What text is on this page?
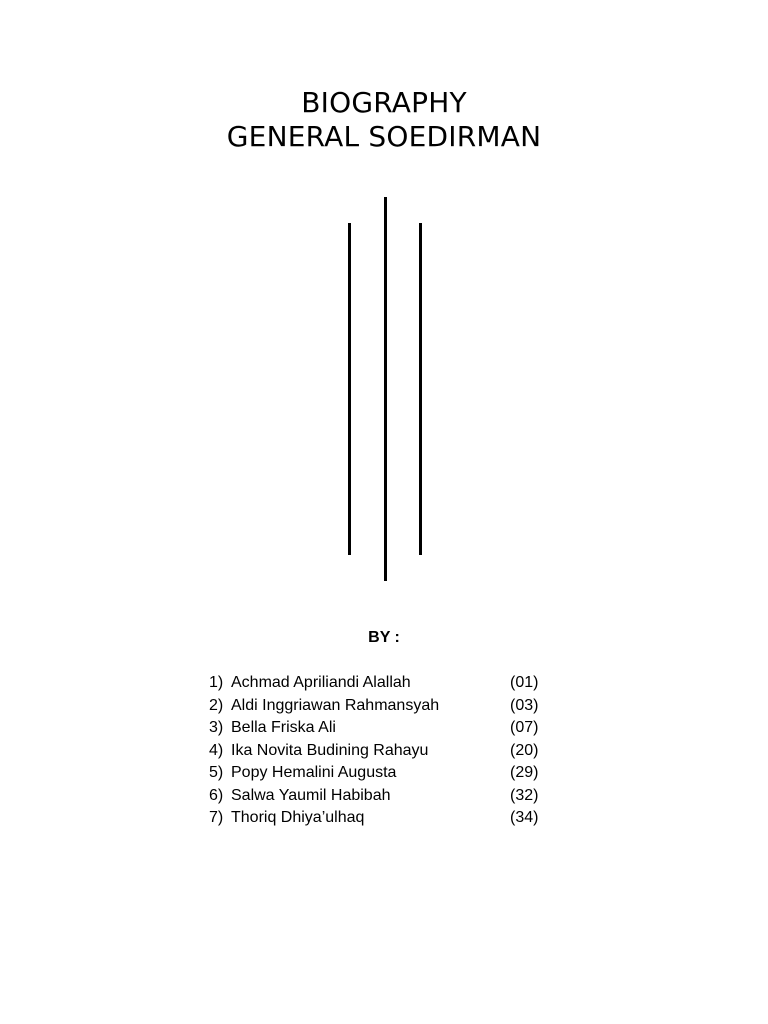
BIOGRAPHY
GENERAL SOEDIRMAN
BY :
1) Achmad Apriliandi Alallah	(01)
2) Aldi Inggriawan Rahmansyah	(03)
3) Bella Friska Ali	(07)
4) Ika Novita Budining Rahayu	(20)
5) Popy Hemalini Augusta	(29)
6) Salwa Yaumil Habibah	(32)
7) Thoriq Dhiya’ulhaq	(34)
